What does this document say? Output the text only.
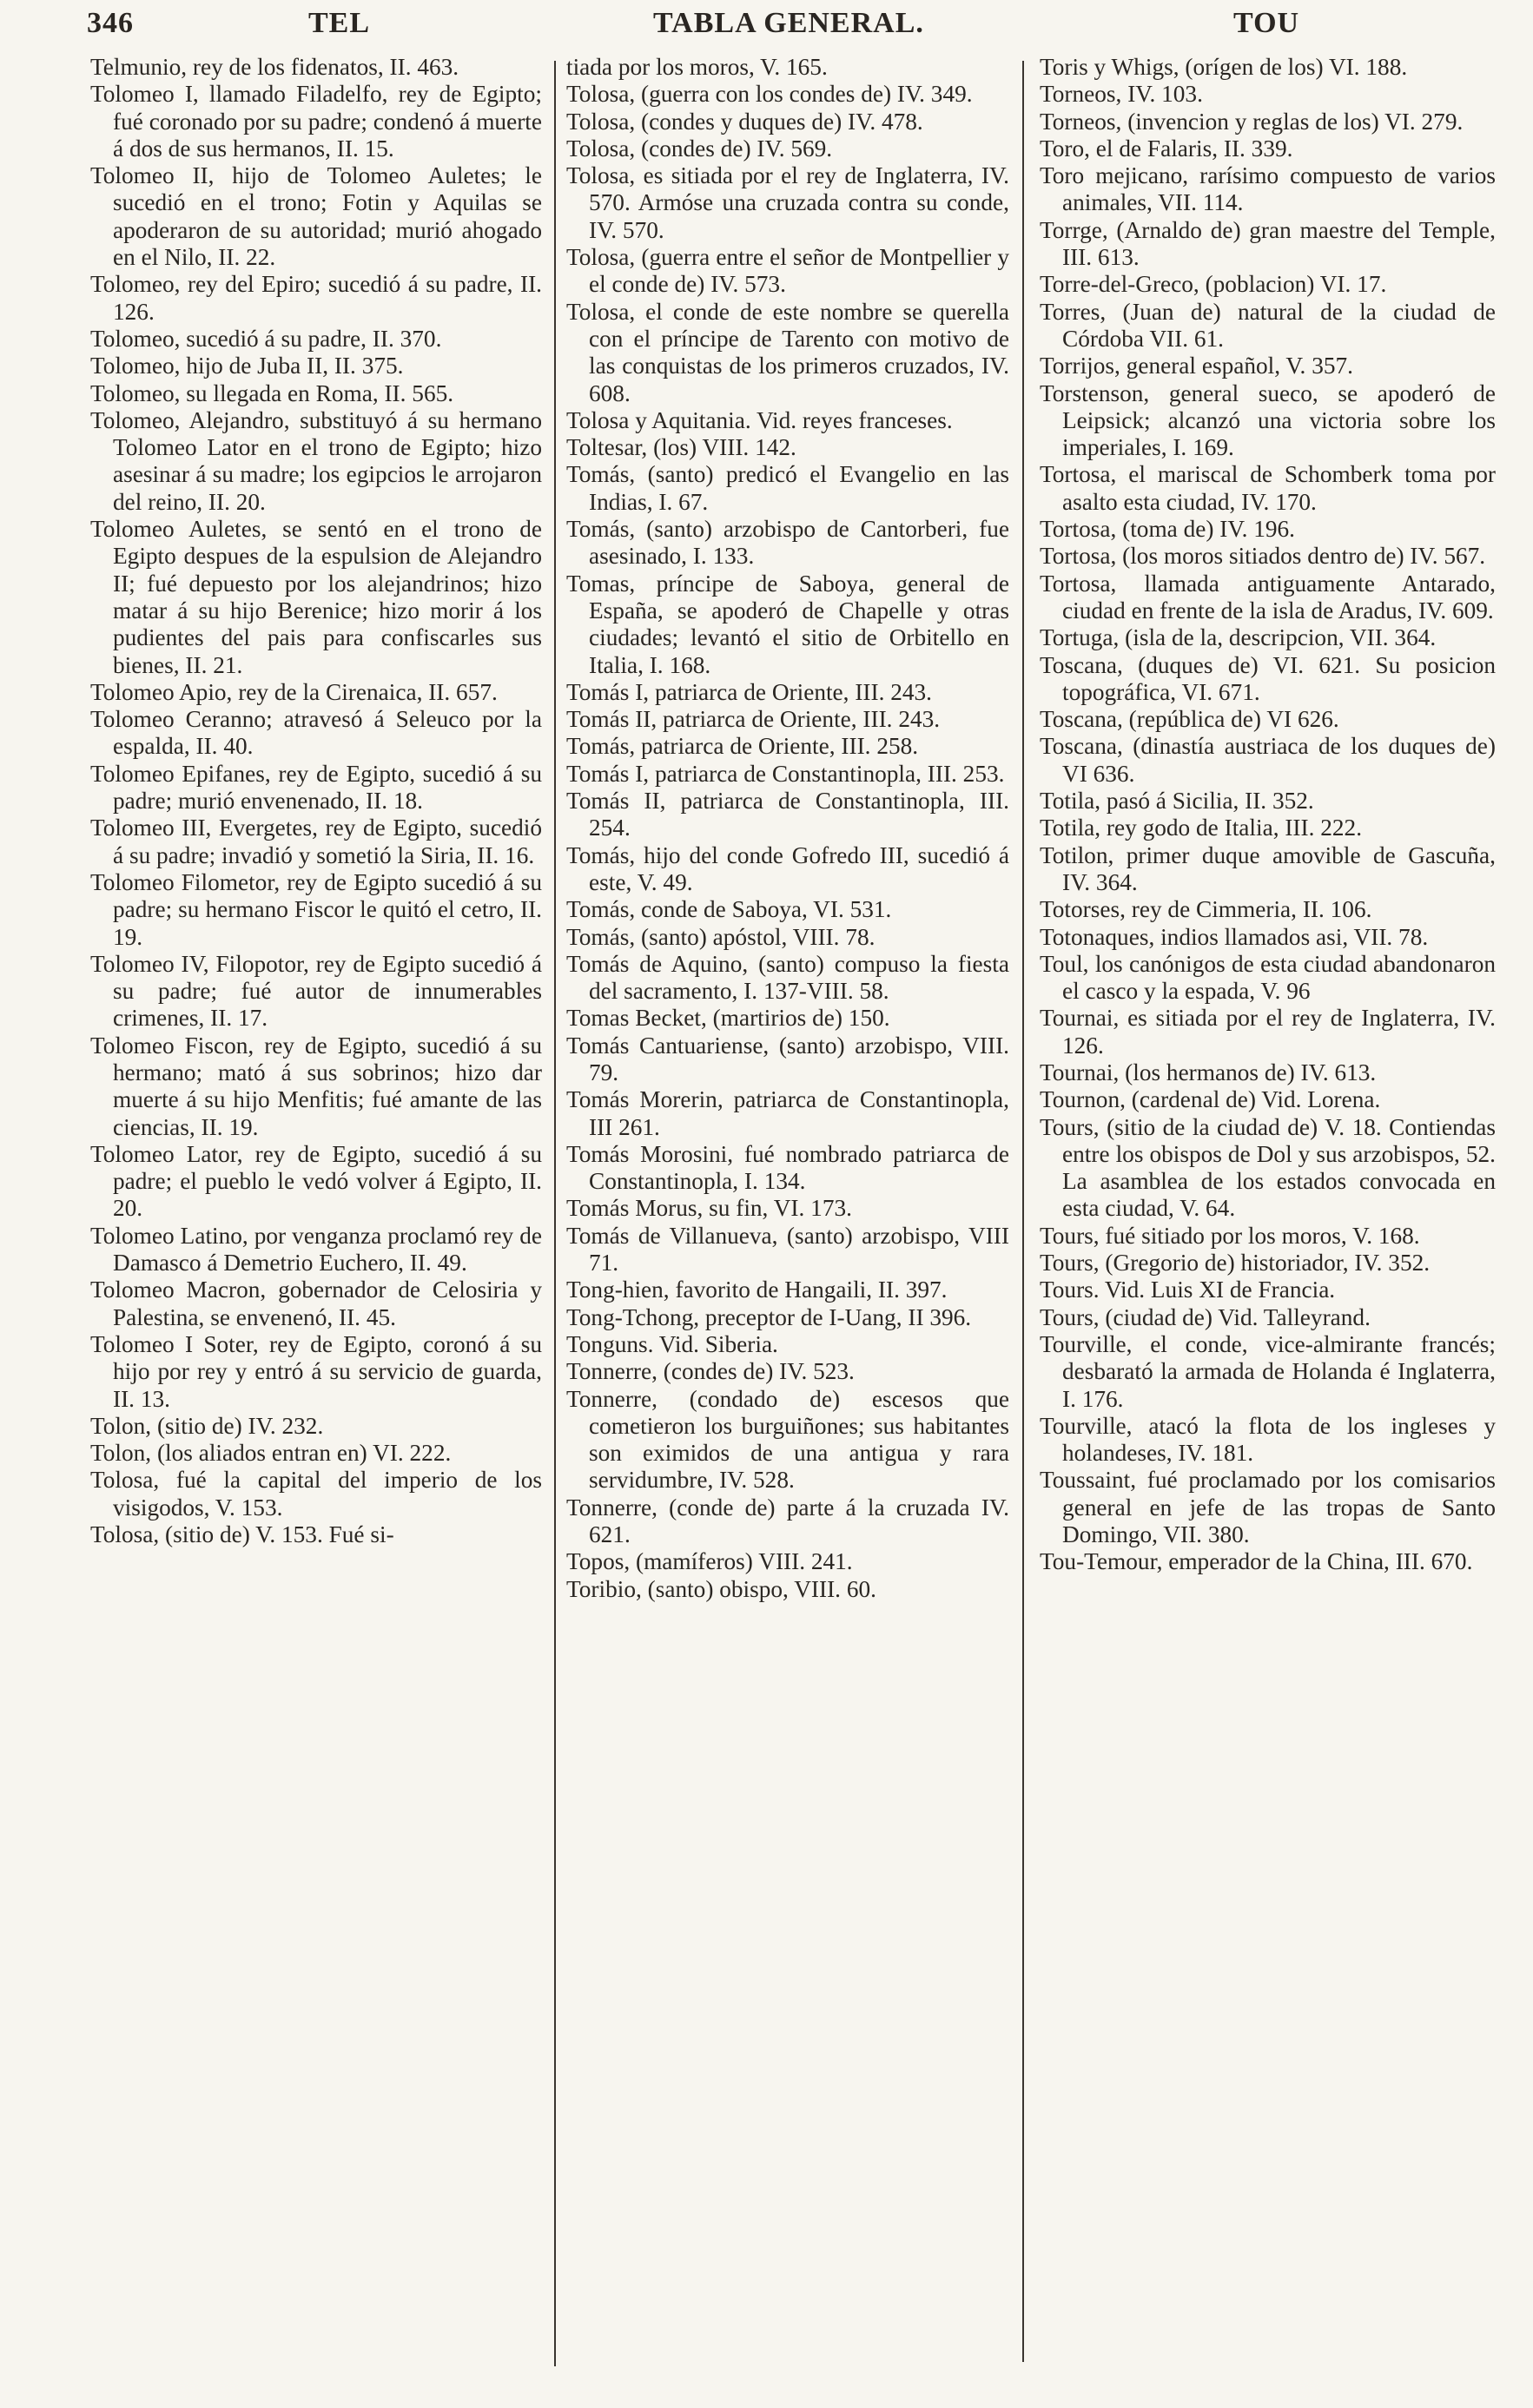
346	TEL	TABLA GENERAL.	TOU

Telmunio, rey de los fidenatos, II. 463.

Tolomeo I, llamado Filadelfo, rey de Egipto; fué coronado por su padre; condenó á muerte á dos de sus hermanos, II. 15.

Tolomeo II, hijo de Tolomeo Auletes; le sucedió en el trono; Fotin y Aquilas se apoderaron de su autoridad; murió ahogado en el Nilo, II. 22.

Tolomeo, rey del Epiro; sucedió á su padre, II. 126.

Tolomeo, sucedió á su padre, II. 370.

Tolomeo, hijo de Juba II, II. 375.

Tolomeo, su llegada en Roma, II. 565.

Tolomeo, Alejandro, substituyó á su hermano Tolomeo Lator en el trono de Egipto; hizo asesinar á su madre; los egipcios le arrojaron del reino, II. 20.

Tolomeo Auletes, se sentó en el trono de Egipto despues de la espulsion de Alejandro II; fué depuesto por los alejandrinos; hizo matar á su hijo Berenice; hizo morir á los pudientes del pais para confiscarles sus bienes, II. 21.

Tolomeo Apio, rey de la Cirenaica, II. 657.

Tolomeo Ceranno; atravesó á Seleuco por la espalda, II. 40.

Tolomeo Epifanes, rey de Egipto, sucedió á su padre; murió envenenado, II. 18.

Tolomeo III, Evergetes, rey de Egipto, sucedió á su padre; invadió y sometió la Siria, II. 16.

Tolomeo Filometor, rey de Egipto sucedió á su padre; su hermano Fiscor le quitó el cetro, II. 19.

Tolomeo IV, Filopotor, rey de Egipto sucedió á su padre; fué autor de innumerables crimenes, II. 17.

Tolomeo Fiscon, rey de Egipto, sucedió á su hermano; mató á sus sobrinos; hizo dar muerte á su hijo Menfitis; fué amante de las ciencias, II. 19.

Tolomeo Lator, rey de Egipto, sucedió á su padre; el pueblo le vedó volver á Egipto, II. 20.

Tolomeo Latino, por venganza proclamó rey de Damasco á Demetrio Euchero, II. 49.

Tolomeo Macron, gobernador de Celosiria y Palestina, se envenenó, II. 45.

Tolomeo I Soter, rey de Egipto, coronó á su hijo por rey y entró á su servicio de guarda, II. 13.

Tolon, (sitio de) IV. 232.

Tolon, (los aliados entran en) VI. 222.

Tolosa, fué la capital del imperio de los visigodos, V. 153.

Tolosa, (sitio de) V. 153. Fué si-

tiada por los moros, V. 165.

Tolosa, (guerra con los condes de) IV. 349.

Tolosa, (condes y duques de) IV. 478.

Tolosa, (condes de) IV. 569.

Tolosa, es sitiada por el rey de Inglaterra, IV. 570. Armóse una cruzada contra su conde, IV. 570.

Tolosa, (guerra entre el señor de Montpellier y el conde de) IV. 573.

Tolosa, el conde de este nombre se querella con el príncipe de Tarento con motivo de las conquistas de los primeros cruzados, IV. 608.

Tolosa y Aquitania. Vid. reyes franceses.

Toltesar, (los) VIII. 142.

Tomás, (santo) predicó el Evangelio en las Indias, I. 67.

Tomás, (santo) arzobispo de Cantorberi, fue asesinado, I. 133.

Tomas, príncipe de Saboya, general de España, se apoderó de Chapelle y otras ciudades; levantó el sitio de Orbitello en Italia, I. 168.

Tomás I, patriarca de Oriente, III. 243.

Tomás II, patriarca de Oriente, III. 243.

Tomás, patriarca de Oriente, III. 258.

Tomás I, patriarca de Constantinopla, III. 253.

Tomás II, patriarca de Constantinopla, III. 254.

Tomás, hijo del conde Gofredo III, sucedió á este, V. 49.

Tomás, conde de Saboya, VI. 531.

Tomás, (santo) apóstol, VIII. 78.

Tomás de Aquino, (santo) compuso la fiesta del sacramento, I. 137-VIII. 58.

Tomas Becket, (martirios de) 150.

Tomás Cantuariense, (santo) arzobispo, VIII. 79.

Tomás Morerin, patriarca de Constantinopla, III 261.

Tomás Morosini, fué nombrado patriarca de Constantinopla, I. 134.

Tomás Morus, su fin, VI. 173.

Tomás de Villanueva, (santo) arzobispo, VIII 71.

Tong-hien, favorito de Hangaili, II. 397.

Tong-Tchong, preceptor de I-Uang, II 396.

Tonguns. Vid. Siberia.

Tonnerre, (condes de) IV. 523.

Tonnerre, (condado de) escesos que cometieron los burguiñones; sus habitantes son eximidos de una antigua y rara servidumbre, IV. 528.

Tonnerre, (conde de) parte á la cruzada IV. 621.

Topos, (mamíferos) VIII. 241.

Toribio, (santo) obispo, VIII. 60.

Toris y Whigs, (orígen de los) VI. 188.

Torneos, IV. 103.

Torneos, (invencion y reglas de los) VI. 279.

Toro, el de Falaris, II. 339.

Toro mejicano, rarísimo compuesto de varios animales, VII. 114.

Torrge, (Arnaldo de) gran maestre del Temple, III. 613.

Torre-del-Greco, (poblacion) VI. 17.

Torres, (Juan de) natural de la ciudad de Córdoba VII. 61.

Torrijos, general español, V. 357.

Torstenson, general sueco, se apoderó de Leipsick; alcanzó una victoria sobre los imperiales, I. 169.

Tortosa, el mariscal de Schomberk toma por asalto esta ciudad, IV. 170.

Tortosa, (toma de) IV. 196.

Tortosa, (los moros sitiados dentro de) IV. 567.

Tortosa, llamada antiguamente Antarado, ciudad en frente de la isla de Aradus, IV. 609.

Tortuga, (isla de la, descripcion, VII. 364.

Toscana, (duques de) VI. 621. Su posicion topográfica, VI. 671.

Toscana, (república de) VI 626.

Toscana, (dinastía austriaca de los duques de) VI 636.

Totila, pasó á Sicilia, II. 352.

Totila, rey godo de Italia, III. 222.

Totilon, primer duque amovible de Gascuña, IV. 364.

Totorses, rey de Cimmeria, II. 106.

Totonaques, indios llamados asi, VII. 78.

Toul, los canónigos de esta ciudad abandonaron el casco y la espada, V. 96

Tournai, es sitiada por el rey de Inglaterra, IV. 126.

Tournai, (los hermanos de) IV. 613.

Tournon, (cardenal de) Vid. Lorena.

Tours, (sitio de la ciudad de) V. 18. Contiendas entre los obispos de Dol y sus arzobispos, 52. La asamblea de los estados convocada en esta ciudad, V. 64.

Tours, fué sitiado por los moros, V. 168.

Tours, (Gregorio de) historiador, IV. 352.

Tours. Vid. Luis XI de Francia.

Tours, (ciudad de) Vid. Talleyrand.

Tourville, el conde, vice-almirante francés; desbarató la armada de Holanda é Inglaterra, I. 176.

Tourville, atacó la flota de los ingleses y holandeses, IV. 181.

Toussaint, fué proclamado por los comisarios general en jefe de las tropas de Santo Domingo, VII. 380.

Tou-Temour, emperador de la China, III. 670.
